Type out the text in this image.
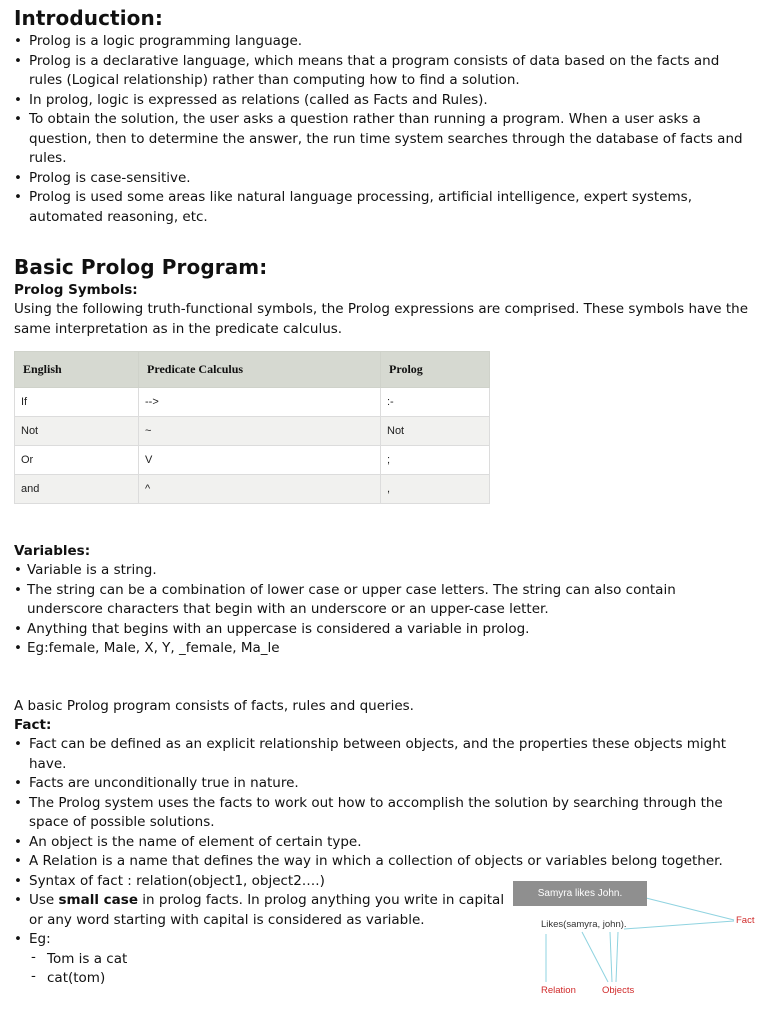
Introduction:
• Prolog is a logic programming language.
• Prolog is a declarative language, which means that a program consists of data based on the facts and rules (Logical relationship) rather than computing how to find a solution.
• In prolog, logic is expressed as relations (called as Facts and Rules).
• To obtain the solution, the user asks a question rather than running a program. When a user asks a question, then to determine the answer, the run time system searches through the database of facts and rules.
• Prolog is case-sensitive.
• Prolog is used some areas like natural language processing, artificial intelligence, expert systems, automated reasoning, etc.
Basic Prolog Program:
Prolog Symbols:
Using the following truth-functional symbols, the Prolog expressions are comprised. These symbols have the same interpretation as in the predicate calculus.
English	Predicate Calculus	Prolog
If	-->	:-
Not	~	Not
Or	V	;
and	^	,
Variables:
• Variable is a string.
• The string can be a combination of lower case or upper case letters. The string can also contain underscore characters that begin with an underscore or an upper-case letter.
• Anything that begins with an uppercase is considered a variable in prolog.
• Eg:female, Male, X, Y, _female, Ma_le
A basic Prolog program consists of facts, rules and queries.
Fact:
• Fact can be defined as an explicit relationship between objects, and the properties these objects might have.
• Facts are unconditionally true in nature.
• The Prolog system uses the facts to work out how to accomplish the solution by searching through the space of possible solutions.
• An object is the name of element of certain type.
• A Relation is a name that defines the way in which a collection of objects or variables belong together.
• Syntax of fact : relation(object1, object2….)
• Use small case in prolog facts. In prolog anything you write in capital
or any word starting with capital is considered as variable.
• Eg:
- Tom is a cat
- cat(tom)
Samyra likes John.
Likes(samyra, john).	Fact
Relation	Objects
